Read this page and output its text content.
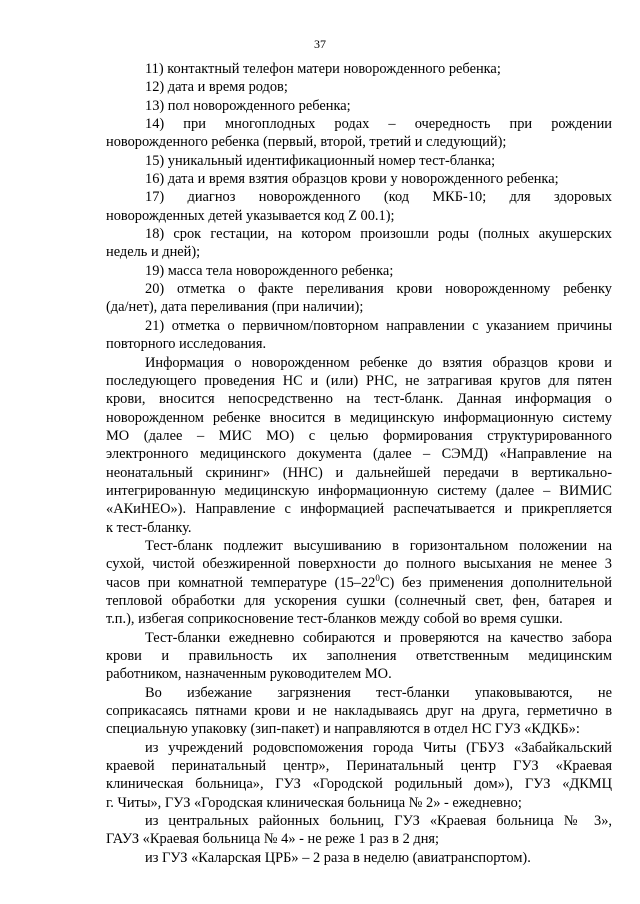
37
11) контактный телефон матери новорожденного ребенка;
12) дата и время родов;
13) пол новорожденного ребенка;
14) при многоплодных родах – очередность при рождении
новорожденного ребенка (первый, второй, третий и следующий);
15) уникальный идентификационный номер тест-бланка;
16) дата и время взятия образцов крови у новорожденного ребенка;
17) диагноз новорожденного (код МКБ-10; для здоровых
новорожденных детей указывается код Z 00.1);
18) срок гестации, на котором произошли роды (полных акушерских
недель и дней);
19) масса тела новорожденного ребенка;
20) отметка о факте переливания крови новорожденному ребенку
(да/нет), дата переливания (при наличии);
21) отметка о первичном/повторном направлении с указанием причины
повторного исследования.
Информация о новорожденном ребенке до взятия образцов крови и
последующего проведения НС и (или) РНС, не затрагивая кругов для пятен
крови, вносится непосредственно на тест-бланк. Данная информация о
новорожденном ребенке вносится в медицинскую информационную систему
МО (далее – МИС МО) с целью формирования структурированного
электронного медицинского документа (далее – СЭМД) «Направление на
неонатальный скрининг» (ННС) и дальнейшей передачи в вертикально-
интегрированную медицинскую информационную систему (далее – ВИМИС
«АКиНЕО»). Направление с информацией распечатывается и прикрепляется
к тест-бланку.
Тест-бланк подлежит высушиванию в горизонтальном положении на
сухой, чистой обезжиренной поверхности до полного высыхания не менее 3
часов при комнатной температуре $(15-22^0С)$ без применения дополнительной
тепловой обработки для ускорения сушки (солнечный свет, фен, батарея и
т.п.), избегая соприкосновение тест-бланков между собой во время сушки.
Тест-бланки ежедневно собираются и проверяются на качество забора
крови и правильность их заполнения ответственным медицинским
работником, назначенным руководителем МО.
Во избежание загрязнения тест-бланки упаковываются, не
соприкасаясь пятнами крови и не накладываясь друг на друга, герметично в
специальную упаковку (зип-пакет) и направляются в отдел НС ГУЗ «КДКБ»:
из учреждений родовспоможения города Читы (ГБУЗ «Забайкальский
краевой перинатальный центр», Перинатальный центр ГУЗ «Краевая
клиническая больница», ГУЗ «Городской родильный дом»), ГУЗ «ДКМЦ
г. Читы», ГУЗ «Городская клиническая больница № 2» - ежедневно;
из центральных районных больниц, ГУЗ «Краевая больница № 3»,
ГАУЗ «Краевая больница № 4» - не реже 1 раз в 2 дня;
из ГУЗ «Каларская ЦРБ» – 2 раза в неделю (авиатранспортом).
